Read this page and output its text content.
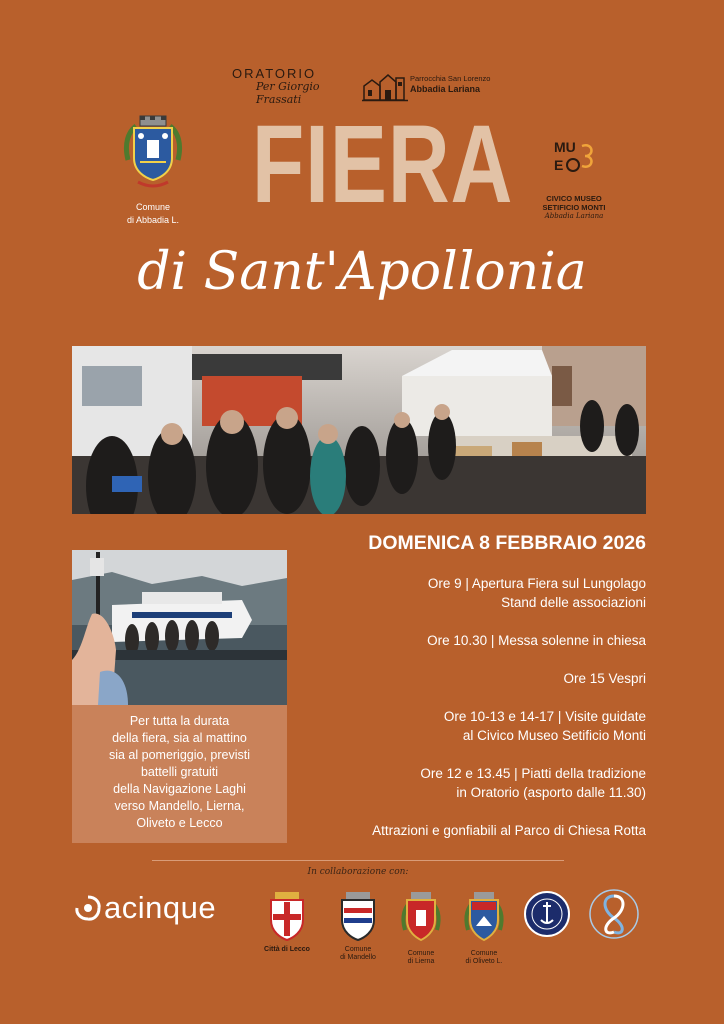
ORATORIO
Per Giorgio Frassati
Parrocchia San Lorenzo
Abbadia Lariana
Comune
di Abbadia L.
MU
E
CIVICO MUSEO
SETIFICIO MONTI
Abbadia Lariana
FIERA
di Sant'Apollonia
Per tutta la durata
della fiera, sia al mattino
sia al pomeriggio, previsti
battelli gratuiti
della Navigazione Laghi
verso Mandello, Lierna,
Oliveto e Lecco
DOMENICA 8 FEBBRAIO 2026
Ore 9 | Apertura Fiera sul Lungolago
Stand delle associazioni
Ore 10.30 | Messa solenne in chiesa
Ore 15 Vespri
Ore 10-13 e 14-17 | Visite guidate
al Civico Museo Setificio Monti
Ore 12 e 13.45 | Piatti della tradizione
in Oratorio (asporto dalle 11.30)
Attrazioni e gonfiabili al Parco di Chiesa Rotta
In collaborazione con:
acinque
Città di Lecco	Comune
di Mandello
Comune
di Lierna
Comune
di Oliveto L.
